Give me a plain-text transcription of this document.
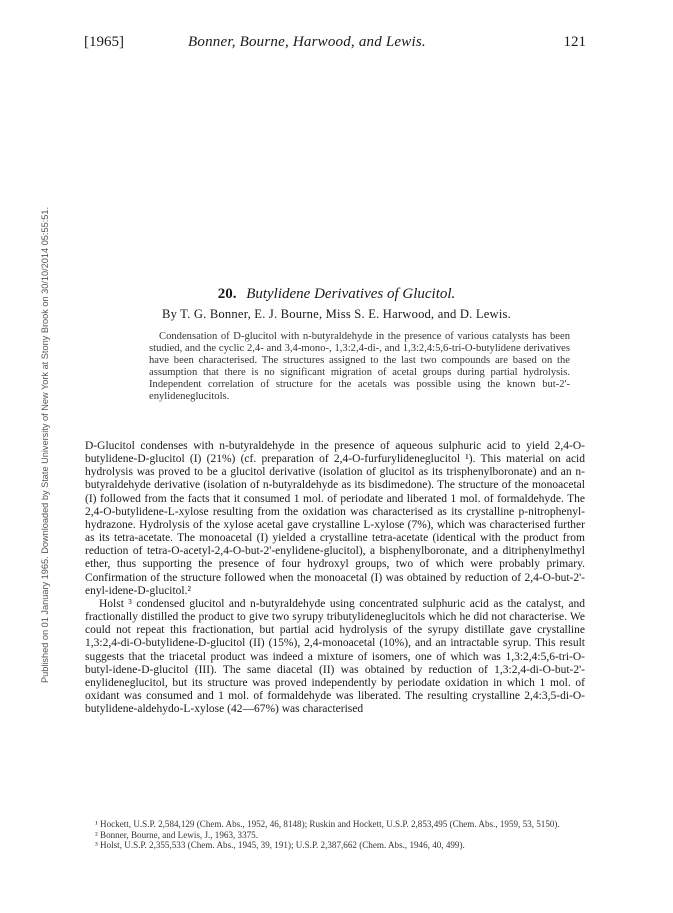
Published on 01 January 1965. Downloaded by State University of New York at Stony Brook on 30/10/2014 05:55:51.
[1965]	Bonner, Bourne, Harwood, and Lewis.	121
20. Butylidene Derivatives of Glucitol.
By T. G. Bonner, E. J. Bourne, Miss S. E. Harwood, and D. Lewis.

Condensation of D-glucitol with n-butyraldehyde in the presence of various catalysts has been studied, and the cyclic 2,4- and 3,4-mono-, 1,3:2,4-di-, and 1,3:2,4:5,6-tri-O-butylidene derivatives have been characterised. The structures assigned to the last two compounds are based on the assumption that there is no significant migration of acetal groups during partial hydrolysis. Independent correlation of structure for the acetals was possible using the known but-2'-enylideneglucitols.

D-Glucitol condenses with n-butyraldehyde in the presence of aqueous sulphuric acid to yield 2,4-O-butylidene-D-glucitol (I) (21%) (cf. preparation of 2,4-O-furfurylideneglucitol ¹). This material on acid hydrolysis was proved to be a glucitol derivative (isolation of glucitol as its trisphenylboronate) and an n-butyraldehyde derivative (isolation of n-butyraldehyde as its bisdimedone). The structure of the monoacetal (I) followed from the facts that it consumed 1 mol. of periodate and liberated 1 mol. of formaldehyde. The 2,4-O-butylidene-L-xylose resulting from the oxidation was characterised as its crystalline p-nitrophenyl-hydrazone. Hydrolysis of the xylose acetal gave crystalline L-xylose (7%), which was characterised further as its tetra-acetate. The monoacetal (I) yielded a crystalline tetra-acetate (identical with the product from reduction of tetra-O-acetyl-2,4-O-but-2'-enylidene-glucitol), a bisphenylboronate, and a ditriphenylmethyl ether, thus supporting the presence of four hydroxyl groups, two of which were probably primary. Confirmation of the structure followed when the monoacetal (I) was obtained by reduction of 2,4-O-but-2'-enyl-idene-D-glucitol.²

Holst ³ condensed glucitol and n-butyraldehyde using concentrated sulphuric acid as the catalyst, and fractionally distilled the product to give two syrupy tributylideneglucitols which he did not characterise. We could not repeat this fractionation, but partial acid hydrolysis of the syrupy distillate gave crystalline 1,3:2,4-di-O-butylidene-D-glucitol (II) (15%), 2,4-monoacetal (10%), and an intractable syrup. This result suggests that the triacetal product was indeed a mixture of isomers, one of which was 1,3:2,4:5,6-tri-O-butyl-idene-D-glucitol (III). The same diacetal (II) was obtained by reduction of 1,3:2,4-di-O-but-2'-enylideneglucitol, but its structure was proved independently by periodate oxidation in which 1 mol. of oxidant was consumed and 1 mol. of formaldehyde was liberated. The resulting crystalline 2,4:3,5-di-O-butylidene-aldehydo-L-xylose (42—67%) was characterised

¹ Hockett, U.S.P. 2,584,129 (Chem. Abs., 1952, 46, 8148); Ruskin and Hockett, U.S.P. 2,853,495 (Chem. Abs., 1959, 53, 5150).

² Bonner, Bourne, and Lewis, J., 1963, 3375.

³ Holst, U.S.P. 2,355,533 (Chem. Abs., 1945, 39, 191); U.S.P. 2,387,662 (Chem. Abs., 1946, 40, 499).
